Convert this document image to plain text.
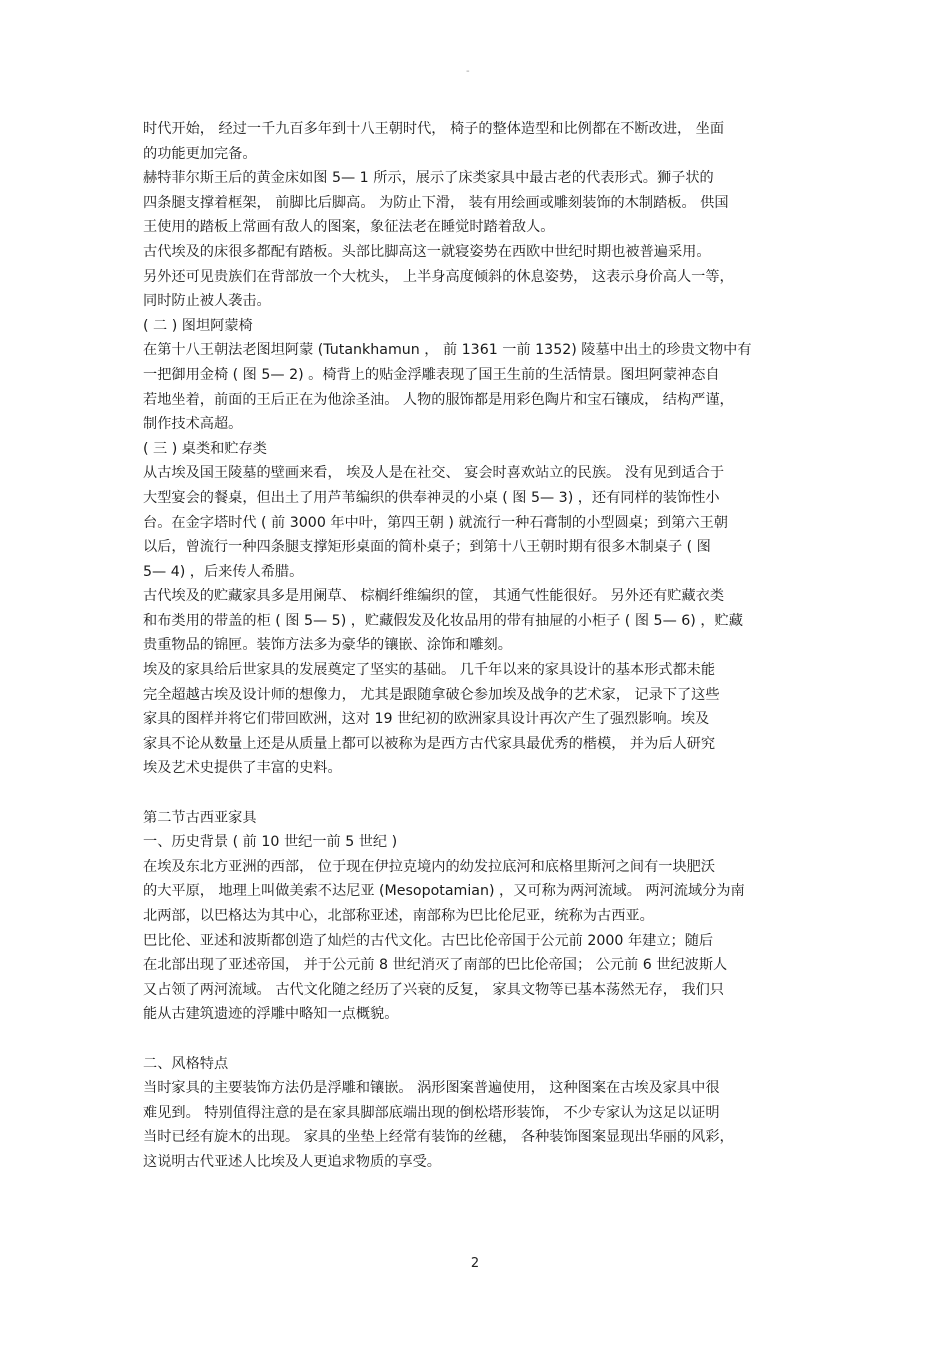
-
时代开始， 经过一千九百多年到十八王朝时代， 椅子的整体造型和比例都在不断改进， 坐面
的功能更加完备。
赫特菲尔斯王后的黄金床如图 5— 1 所示，展示了床类家具中最古老的代表形式。狮子状的
四条腿支撑着框架， 前脚比后脚高。 为防止下滑， 装有用绘画或雕刻装饰的木制踏板。 供国
王使用的踏板上常画有敌人的图案，象征法老在睡觉时踏着敌人。
古代埃及的床很多都配有踏板。头部比脚高这一就寝姿势在西欧中世纪时期也被普遍采用。
另外还可见贵族们在背部放一个大枕头， 上半身高度倾斜的休息姿势， 这表示身价高人一等，
同时防止被人袭击。
( 二 ) 图坦阿蒙椅
在第十八王朝法老图坦阿蒙 (Tutankhamun ， 前 1361 一前 1352) 陵墓中出土的珍贵文物中有
一把御用金椅 ( 图 5— 2) 。椅背上的贴金浮雕表现了国王生前的生活情景。图坦阿蒙神态自
若地坐着，前面的王后正在为他涂圣油。 人物的服饰都是用彩色陶片和宝石镶成， 结构严谨，
制作技术高超。
( 三 ) 桌类和贮存类
从古埃及国王陵墓的壁画来看， 埃及人是在社交、 宴会时喜欢站立的民族。 没有见到适合于
大型宴会的餐桌，但出土了用芦苇编织的供奉神灵的小桌 ( 图 5— 3) ，还有同样的装饰性小
台。在金字塔时代 ( 前 3000 年中叶，第四王朝 ) 就流行一种石膏制的小型圆桌；到第六王朝
以后，曾流行一种四条腿支撑矩形桌面的简朴桌子；到第十八王朝时期有很多木制桌子 ( 图
5— 4) ，后来传人希腊。
古代埃及的贮藏家具多是用阑草、 棕榈纤维编织的筐， 其通气性能很好。 另外还有贮藏衣类
和布类用的带盖的柜 ( 图 5— 5) ，贮藏假发及化妆品用的带有抽屉的小柜子 ( 图 5— 6) ，贮藏
贵重物品的锦匣。装饰方法多为豪华的镶嵌、涂饰和雕刻。
埃及的家具给后世家具的发展奠定了坚实的基础。 几千年以来的家具设计的基本形式都未能
完全超越古埃及设计师的想像力， 尤其是跟随拿破仑参加埃及战争的艺术家， 记录下了这些
家具的图样并将它们带回欧洲，这对 19 世纪初的欧洲家具设计再次产生了强烈影响。埃及
家具不论从数量上还是从质量上都可以被称为是西方古代家具最优秀的楷模， 并为后人研究
埃及艺术史提供了丰富的史料。
第二节古西亚家具
一、历史背景 ( 前 10 世纪一前 5 世纪 )
在埃及东北方亚洲的西部， 位于现在伊拉克境内的幼发拉底河和底格里斯河之间有一块肥沃
的大平原， 地理上叫做美索不达尼亚 (Mesopotamian) ，又可称为两河流域。 两河流域分为南
北两部，以巴格达为其中心，北部称亚述，南部称为巴比伦尼亚，统称为古西亚。
巴比伦、亚述和波斯都创造了灿烂的古代文化。古巴比伦帝国于公元前 2000 年建立；随后
在北部出现了亚述帝国， 并于公元前 8 世纪消灭了南部的巴比伦帝国； 公元前 6 世纪波斯人
又占领了两河流域。 古代文化随之经历了兴衰的反复， 家具文物等已基本荡然无存， 我们只
能从古建筑遗迹的浮雕中略知一点概貌。
二、风格特点
当时家具的主要装饰方法仍是浮雕和镶嵌。 涡形图案普遍使用， 这种图案在古埃及家具中很
难见到。 特别值得注意的是在家具脚部底端出现的倒松塔形装饰， 不少专家认为这足以证明
当时已经有旋木的出现。 家具的坐垫上经常有装饰的丝穗， 各种装饰图案显现出华丽的风彩，
这说明古代亚述人比埃及人更追求物质的享受。
2
